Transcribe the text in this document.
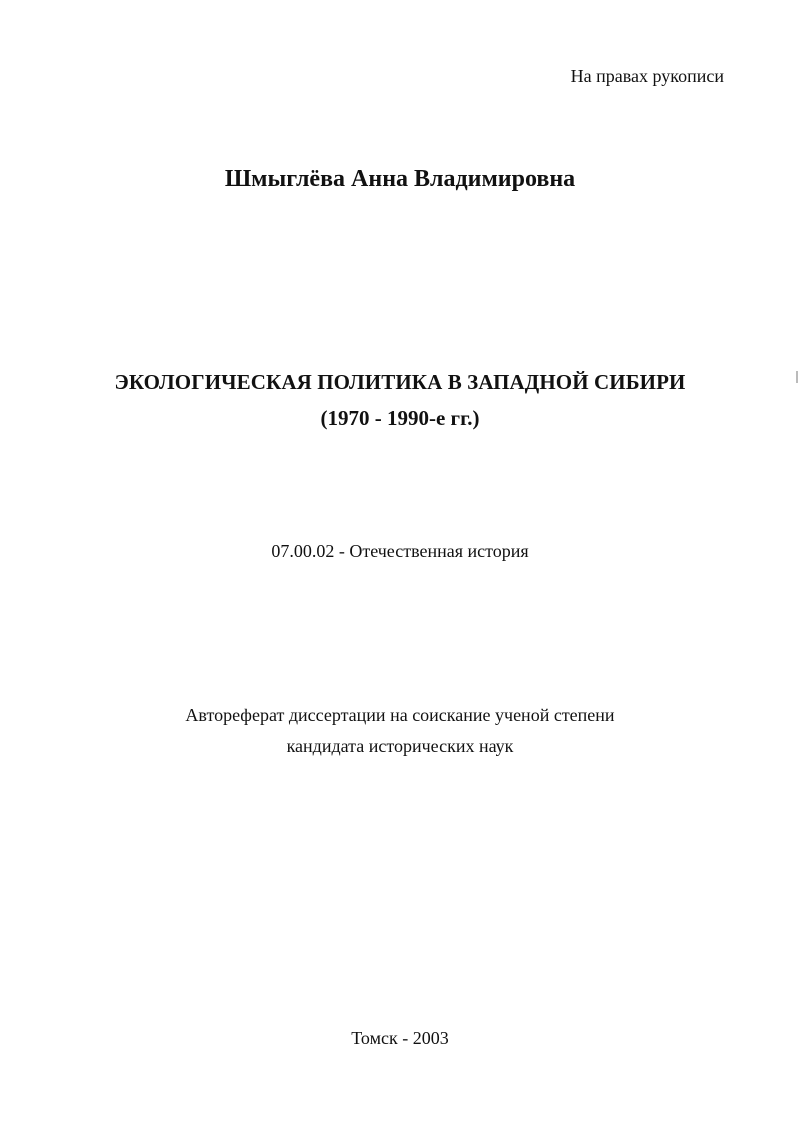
На правах рукописи
Шмыглёва Анна Владимировна
ЭКОЛОГИЧЕСКАЯ ПОЛИТИКА В ЗАПАДНОЙ СИБИРИ
(1970 - 1990-е гг.)
07.00.02 - Отечественная история
Автореферат диссертации на соискание ученой степени
кандидата исторических наук
Томск - 2003
